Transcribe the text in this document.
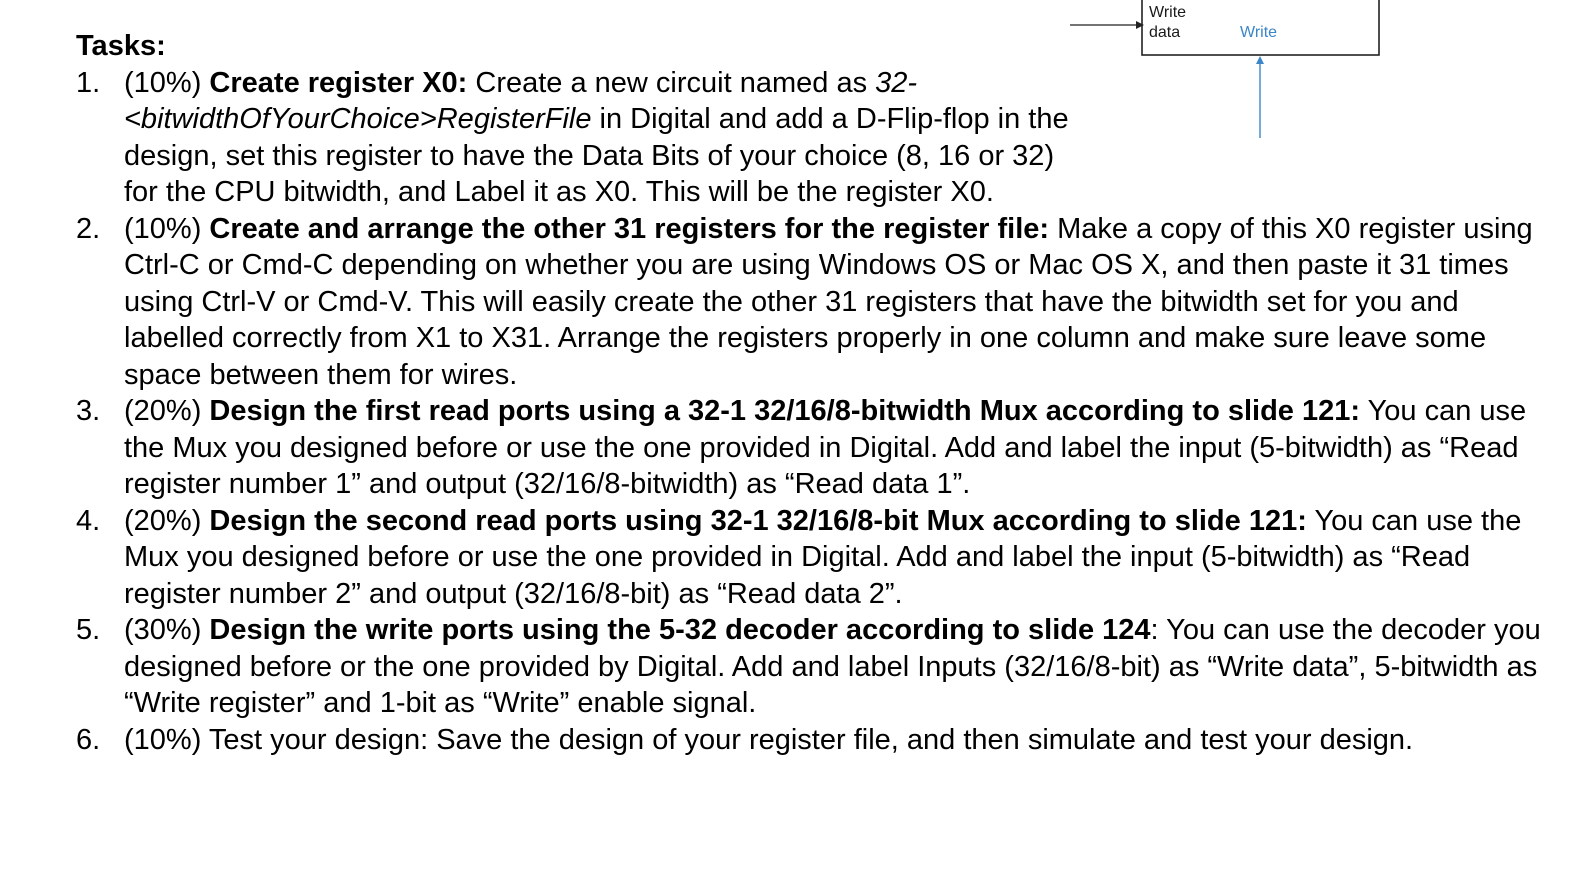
Write
data	Write
Tasks:
1. (10%) Create register X0: Create a new circuit named as 32-<bitwidthOfYourChoice>RegisterFile in Digital and add a D-Flip-flop in the design, set this register to have the Data Bits of your choice (8, 16 or 32) for the CPU bitwidth, and Label it as X0. This will be the register X0.
2. (10%) Create and arrange the other 31 registers for the register file: Make a copy of this X0 register using Ctrl-C or Cmd-C depending on whether you are using Windows OS or Mac OS X, and then paste it 31 times using Ctrl-V or Cmd-V. This will easily create the other 31 registers that have the bitwidth set for you and labelled correctly from X1 to X31. Arrange the registers properly in one column and make sure leave some space between them for wires.
3. (20%) Design the first read ports using a 32-1 32/16/8-bitwidth Mux according to slide 121: You can use the Mux you designed before or use the one provided in Digital. Add and label the input (5-bitwidth) as “Read register number 1” and output (32/16/8-bitwidth) as “Read data 1”.
4. (20%) Design the second read ports using 32-1 32/16/8-bit Mux according to slide 121: You can use the Mux you designed before or use the one provided in Digital. Add and label the input (5-bitwidth) as “Read register number 2” and output (32/16/8-bit) as “Read data 2”.
5. (30%) Design the write ports using the 5-32 decoder according to slide 124: You can use the decoder you designed before or the one provided by Digital. Add and label Inputs (32/16/8-bit) as “Write data”, 5-bitwidth as “Write register” and 1-bit as “Write” enable signal.
6. (10%) Test your design: Save the design of your register file, and then simulate and test your design.
